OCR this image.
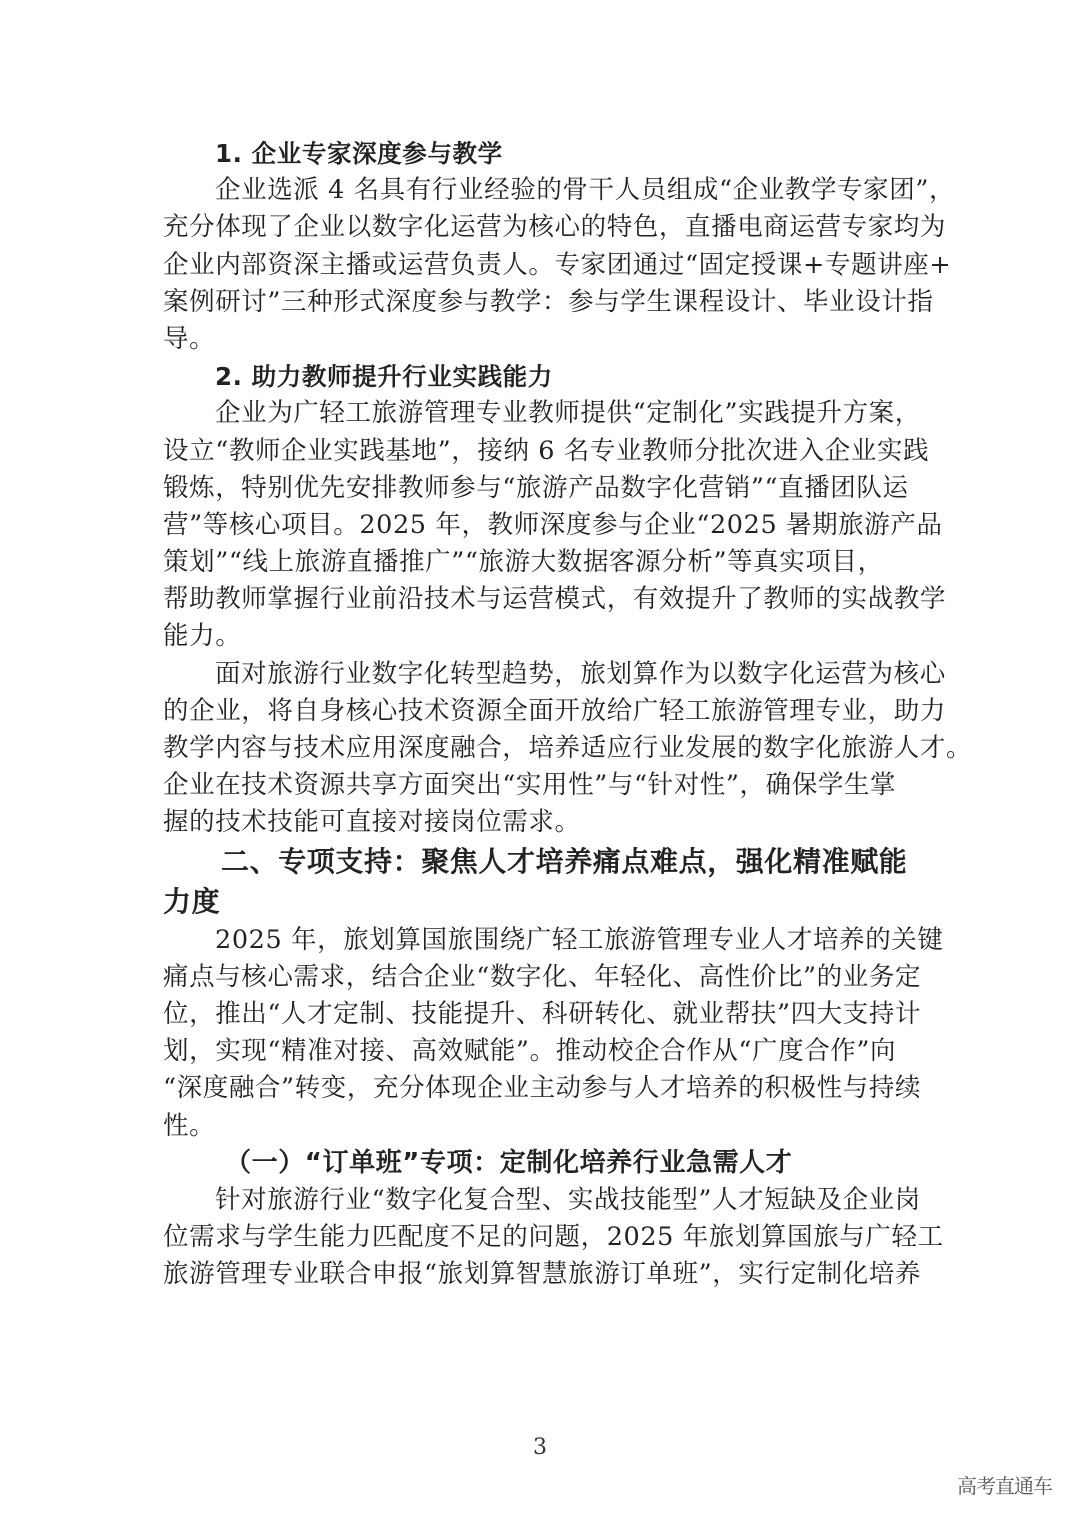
1. 企业专家深度参与教学
企业选派 4 名具有行业经验的骨干人员组成“企业教学专家团”，
充分体现了企业以数字化运营为核心的特色，直播电商运营专家均为
企业内部资深主播或运营负责人。专家团通过“固定授课+专题讲座+
案例研讨”三种形式深度参与教学：参与学生课程设计、毕业设计指
导。
2. 助力教师提升行业实践能力
企业为广轻工旅游管理专业教师提供“定制化”实践提升方案，
设立“教师企业实践基地”，接纳 6 名专业教师分批次进入企业实践
锻炼，特别优先安排教师参与“旅游产品数字化营销”“直播团队运
营”等核心项目。2025 年，教师深度参与企业“2025 暑期旅游产品
策划”“线上旅游直播推广”“旅游大数据客源分析”等真实项目，
帮助教师掌握行业前沿技术与运营模式，有效提升了教师的实战教学
能力。
面对旅游行业数字化转型趋势，旅划算作为以数字化运营为核心
的企业，将自身核心技术资源全面开放给广轻工旅游管理专业，助力
教学内容与技术应用深度融合，培养适应行业发展的数字化旅游人才。
企业在技术资源共享方面突出“实用性”与“针对性”，确保学生掌
握的技术技能可直接对接岗位需求。
二、专项支持：聚焦人才培养痛点难点，强化精准赋能
力度
2025 年，旅划算国旅围绕广轻工旅游管理专业人才培养的关键
痛点与核心需求，结合企业“数字化、年轻化、高性价比”的业务定
位，推出“人才定制、技能提升、科研转化、就业帮扶”四大支持计
划，实现“精准对接、高效赋能”。推动校企合作从“广度合作”向
“深度融合”转变，充分体现企业主动参与人才培养的积极性与持续
性。
（一）“订单班”专项：定制化培养行业急需人才
针对旅游行业“数字化复合型、实战技能型”人才短缺及企业岗
位需求与学生能力匹配度不足的问题，2025 年旅划算国旅与广轻工
旅游管理专业联合申报“旅划算智慧旅游订单班”，实行定制化培养
3
高考直通车
